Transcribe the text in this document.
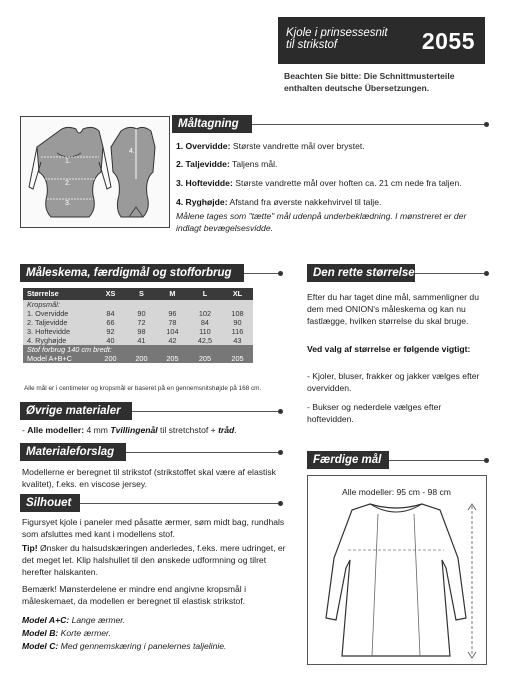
Kjole i prinsessesnit til strikstof	2055
Beachten Sie bitte: Die Schnittmusterteile enthalten deutsche Übersetzungen.
1.
4.
2.
3.
Måltagning
1. Overvidde: Største vandrette mål over brystet.
2. Taljevidde: Taljens mål.
3. Hoftevidde: Største vandrette mål over hoften ca. 21 cm nede fra taljen.
4. Ryghøjde: Afstand fra øverste nakkehvirvel til talje.
Målene tages som "tætte" mål udenpå underbeklædning. I mønstreret er der indlagt bevægelsesvidde.
Måleskema, færdigmål og stofforbrug
Størrelse	XS	S	M	L	XL
Kropsmål:					
1. Overvidde	84	90	96	102	108
2. Taljevidde	66	72	78	84	90
3. Hoftevidde	92	98	104	110	116
4. Ryghøjde	40	41	42	42,5	43
Stof forbrug 140 cm bredt:					
Model A+B+C	200	200	205	205	205
Alle mål er i centimeter og kropsmål er baseret på en gennemsnitshøjde på 168 cm.
Øvrige materialer
- Alle modeller: 4 mm Tvillingenål til stretchstof + tråd.
Materialeforslag
Modellerne er beregnet til strikstof (strikstoffet skal være af elastisk kvalitet), f.eks. en viscose jersey.
Silhouet
Figursyet kjole i paneler med påsatte ærmer, søm midt bag, rundhals som afsluttes med kant i modellens stof.
Tip! Ønsker du halsudskæringen anderledes, f.eks. mere udringet, er det meget let. Klip halshullet til den ønskede udformning og tilret herefter halskanten.
Bemærk! Mønsterdelene er mindre end angivne kropsmål i måleskemaet, da modellen er beregnet til elastisk strikstof.
Model A+C: Lange ærmer.
Model B: Korte ærmer.
Model C: Med gennemskæring i panelernes taljelinie.
Den rette størrelse
Efter du har taget dine mål, sammenligner du dem med ONION's måleskema og kan nu fastlægge, hvilken størrelse du skal bruge.
Ved valg af størrelse er følgende vigtigt:
- Kjoler, bluser, frakker og jakker vælges efter overvidden.
- Bukser og nederdele vælges efter hoftevidden.
Færdige mål
Alle modeller: 95 cm - 98 cm
